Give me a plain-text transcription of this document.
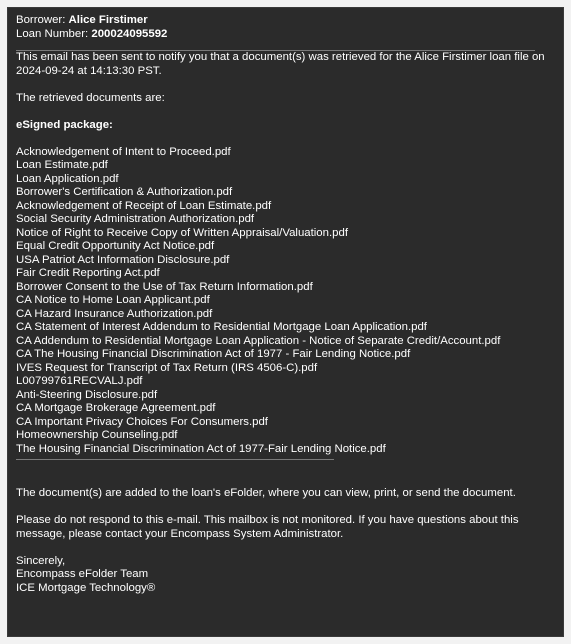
Borrower: Alice Firstimer
Loan Number: 200024095592

This email has been sent to notify you that a document(s) was retrieved for the Alice Firstimer loan file on 2024-09-24 at 14:13:30 PST.

The retrieved documents are:
eSigned package:
Acknowledgement of Intent to Proceed.pdf
Loan Estimate.pdf
Loan Application.pdf
Borrower's Certification & Authorization.pdf
Acknowledgement of Receipt of Loan Estimate.pdf
Social Security Administration Authorization.pdf
Notice of Right to Receive Copy of Written Appraisal/Valuation.pdf
Equal Credit Opportunity Act Notice.pdf
USA Patriot Act Information Disclosure.pdf
Fair Credit Reporting Act.pdf
Borrower Consent to the Use of Tax Return Information.pdf
CA Notice to Home Loan Applicant.pdf
CA Hazard Insurance Authorization.pdf
CA Statement of Interest Addendum to Residential Mortgage Loan Application.pdf
CA Addendum to Residential Mortgage Loan Application - Notice of Separate Credit/Account.pdf
CA The Housing Financial Discrimination Act of 1977 - Fair Lending Notice.pdf
IVES Request for Transcript of Tax Return (IRS 4506-C).pdf
L00799761RECVALJ.pdf
Anti-Steering Disclosure.pdf
CA Mortgage Brokerage Agreement.pdf
CA Important Privacy Choices For Consumers.pdf
Homeownership Counseling.pdf
The Housing Financial Discrimination Act of 1977-Fair Lending Notice.pdf

The document(s) are added to the loan's eFolder, where you can view, print, or send the document.

Please do not respond to this e-mail. This mailbox is not monitored. If you have questions about this message, please contact your Encompass System Administrator.

Sincerely,
Encompass eFolder Team
ICE Mortgage Technology®
